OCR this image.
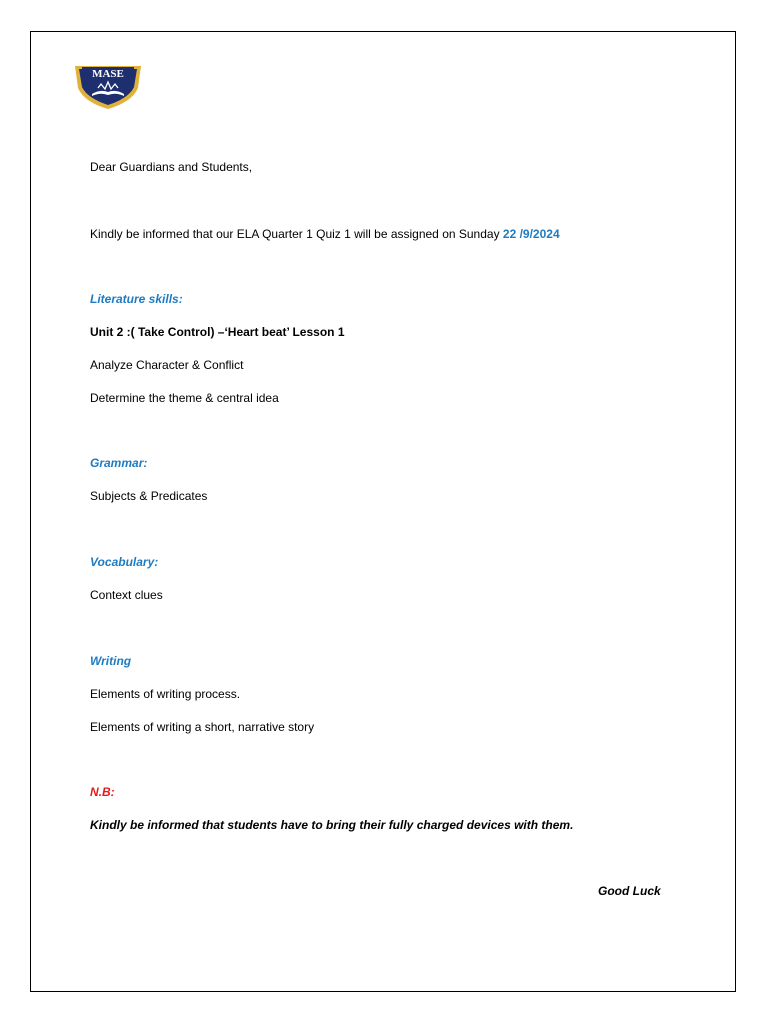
MASE
Dear Guardians and Students,
Kindly be informed that our ELA Quarter 1 Quiz 1 will be assigned on Sunday 22 /9/2024
Literature skills:
Unit 2 :( Take Control) –‘Heart beat’ Lesson 1
Analyze Character & Conflict
Determine the theme & central idea
Grammar:
Subjects & Predicates
Vocabulary:
Context clues
Writing
Elements of writing process.
Elements of writing a short, narrative story
N.B:
Kindly be informed that students have to bring their fully charged devices with them.
Good Luck
